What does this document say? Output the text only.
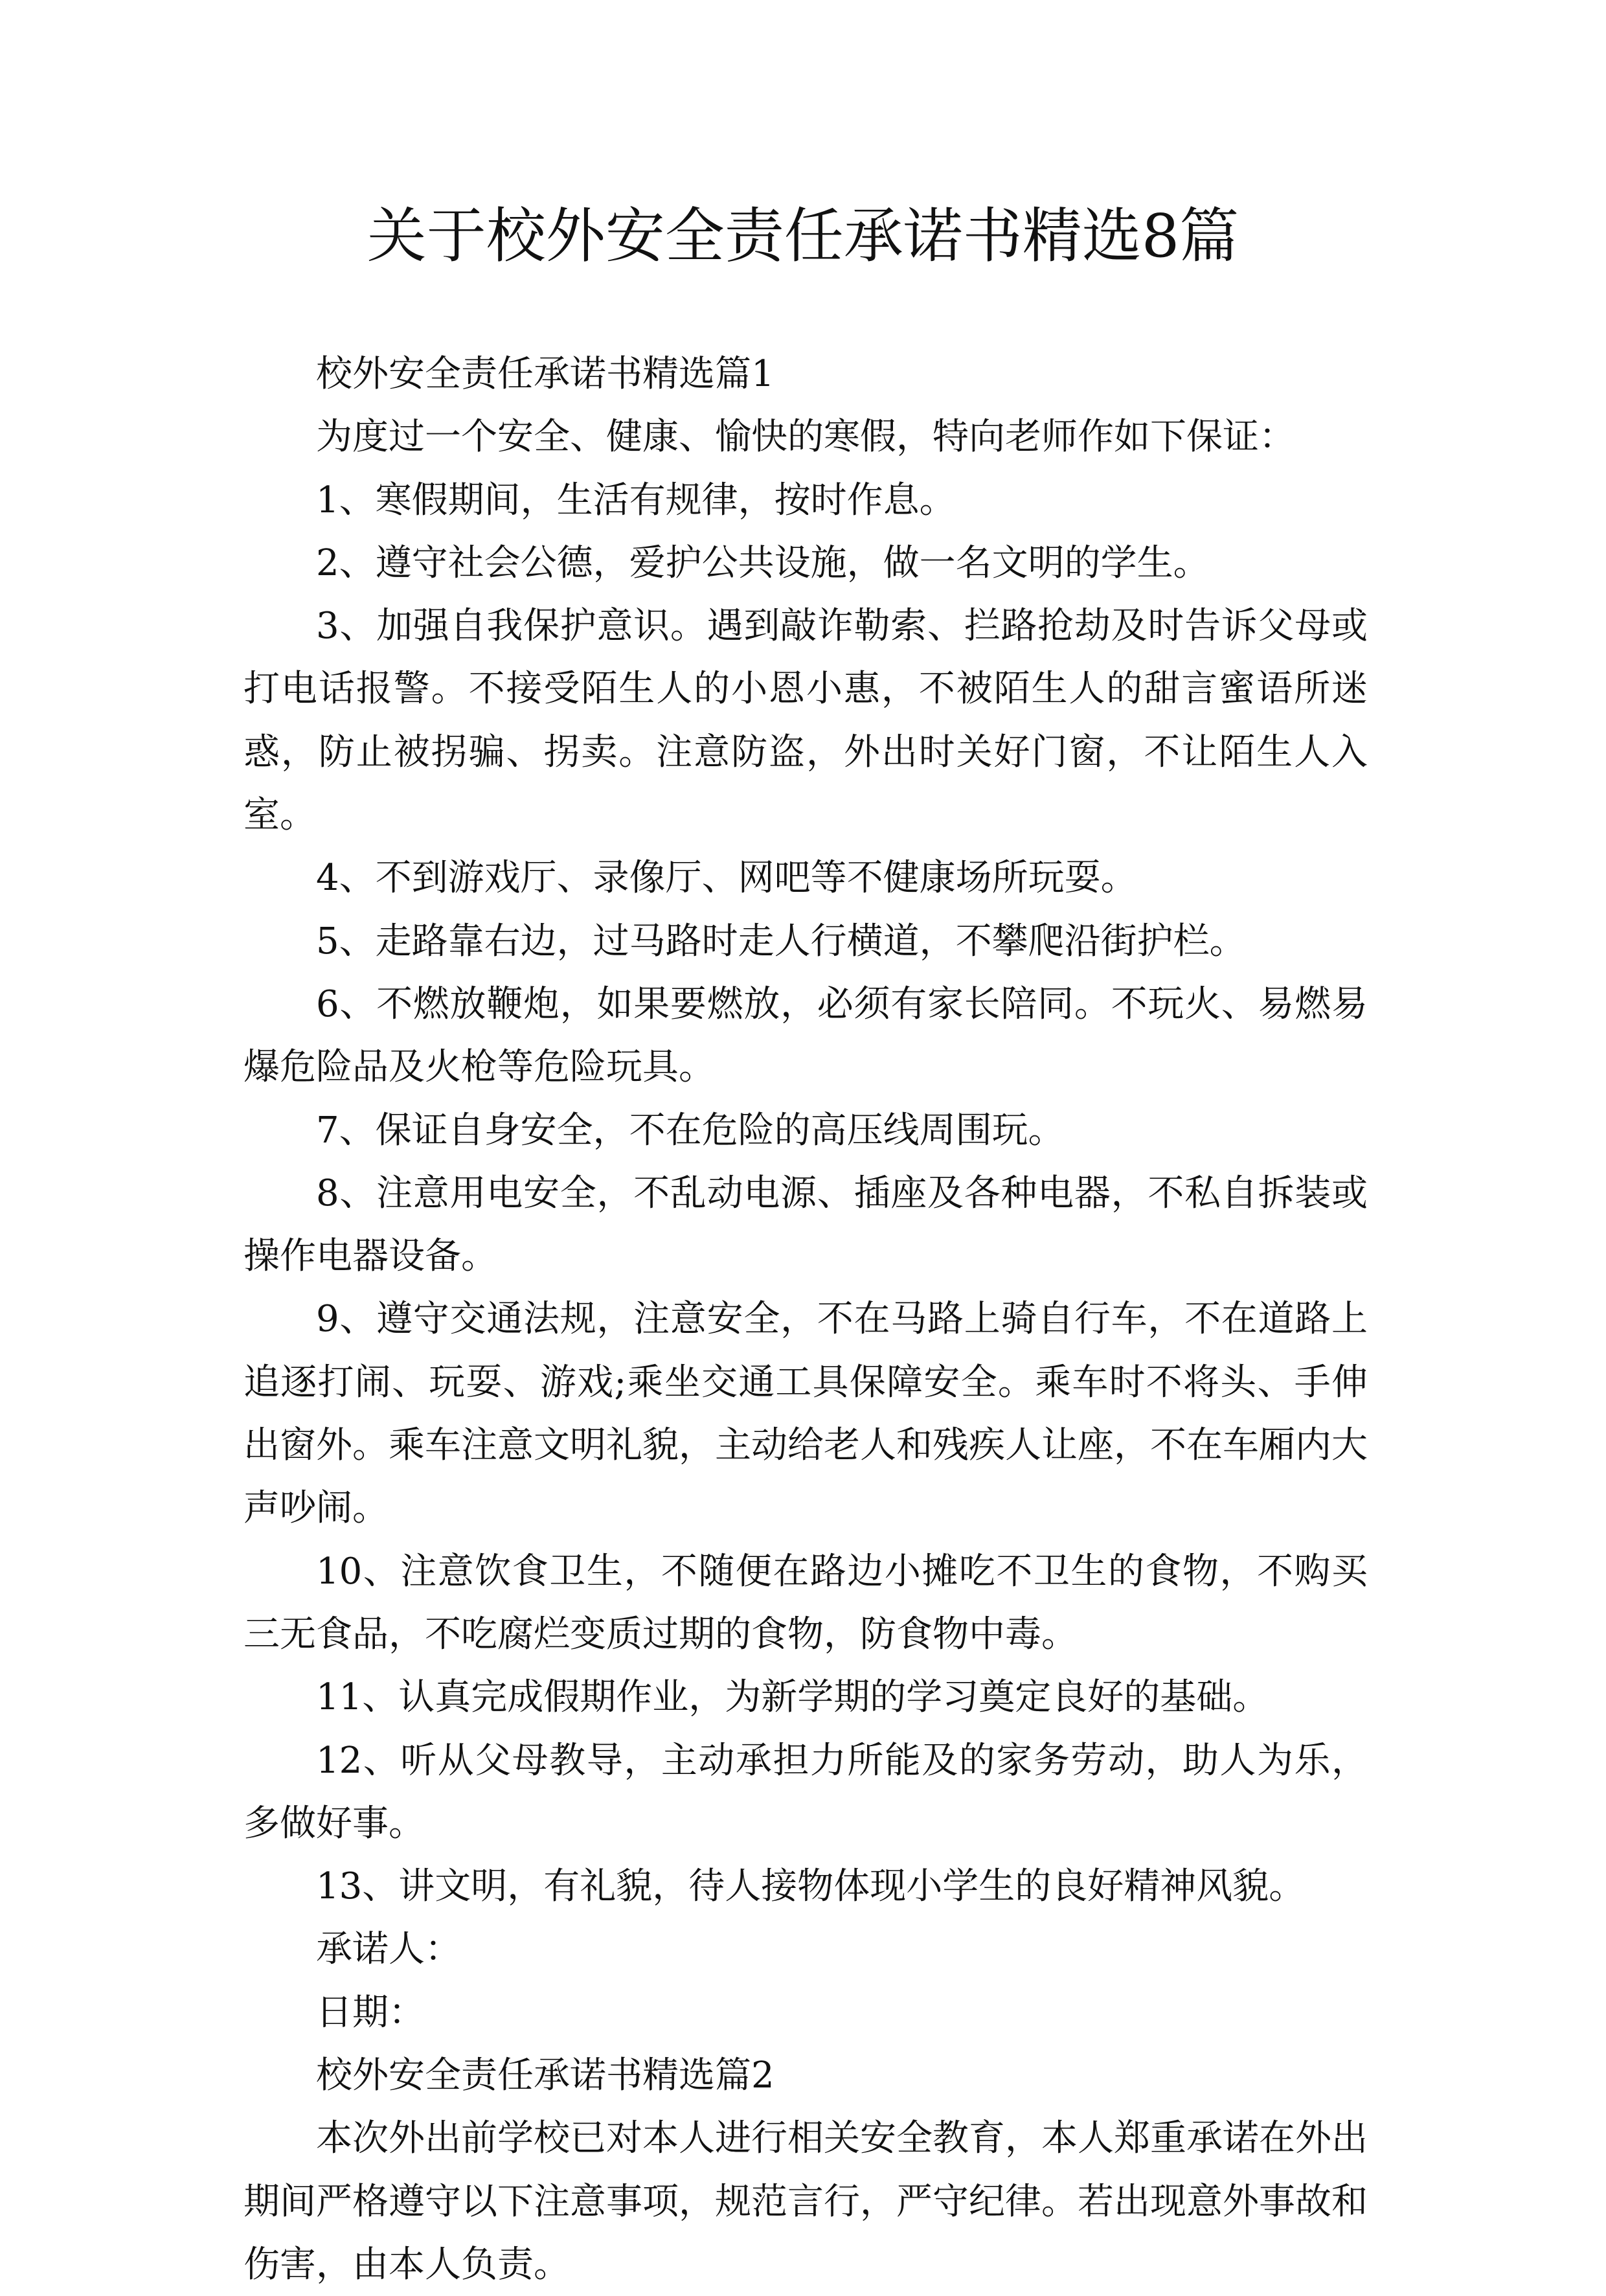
关于校外安全责任承诺书精选8篇

校外安全责任承诺书精选篇1

为度过一个安全、健康、愉快的寒假，特向老师作如下保证：

1、寒假期间，生活有规律，按时作息。

2、遵守社会公德，爱护公共设施，做一名文明的学生。

3、加强自我保护意识。遇到敲诈勒索、拦路抢劫及时告诉父母或打电话报警。不接受陌生人的小恩小惠，不被陌生人的甜言蜜语所迷惑，防止被拐骗、拐卖。注意防盗，外出时关好门窗，不让陌生人入室。

4、不到游戏厅、录像厅、网吧等不健康场所玩耍。

5、走路靠右边，过马路时走人行横道，不攀爬沿街护栏。

6、不燃放鞭炮，如果要燃放，必须有家长陪同。不玩火、易燃易爆危险品及火枪等危险玩具。

7、保证自身安全，不在危险的高压线周围玩。

8、注意用电安全，不乱动电源、插座及各种电器，不私自拆装或操作电器设备。

9、遵守交通法规，注意安全，不在马路上骑自行车，不在道路上追逐打闹、玩耍、游戏;乘坐交通工具保障安全。乘车时不将头、手伸出窗外。乘车注意文明礼貌，主动给老人和残疾人让座，不在车厢内大声吵闹。

10、注意饮食卫生，不随便在路边小摊吃不卫生的食物，不购买三无食品，不吃腐烂变质过期的食物，防食物中毒。

11、认真完成假期作业，为新学期的学习奠定良好的基础。

12、听从父母教导，主动承担力所能及的家务劳动，助人为乐，多做好事。

13、讲文明，有礼貌，待人接物体现小学生的良好精神风貌。

承诺人：

日期：

校外安全责任承诺书精选篇2

本次外出前学校已对本人进行相关安全教育，本人郑重承诺在外出期间严格遵守以下注意事项，规范言行，严守纪律。若出现意外事故和伤害，由本人负责。
